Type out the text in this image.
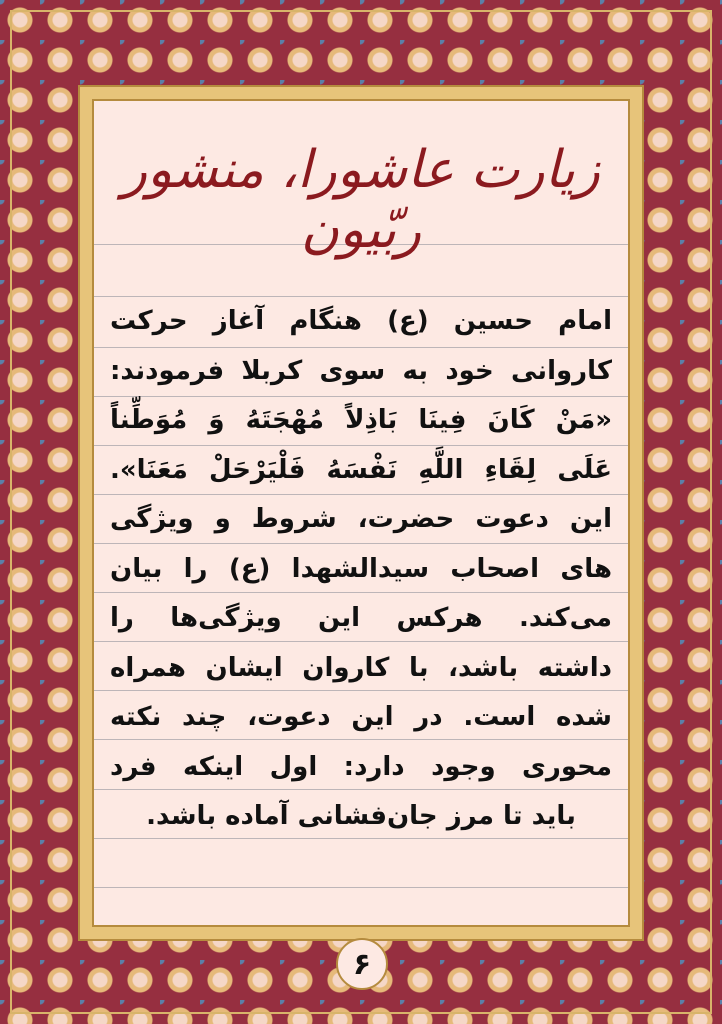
زیارت عاشورا، منشور ربّیون
امام حسین (ع) هنگام آغاز حرکت
کاروانی خود به سوی کربلا فرمودند:
«مَنْ کَانَ فِینَا بَاذِلاً مُهْجَتَهُ وَ مُوَطِّناً
عَلَی لِقَاءِ اللَّهِ نَفْسَهُ فَلْیَرْحَلْ مَعَنَا».
این دعوت حضرت، شروط و ویژگی
های اصحاب سیدالشهدا (ع) را بیان
می‌کند. هرکس این ویژگی‌ها را
داشته باشد، با کاروان ایشان همراه
شده است. در این دعوت، چند نکته
محوری وجود دارد: اول اینکه فرد
باید تا مرز جان‌فشانی آماده باشد.
۶
